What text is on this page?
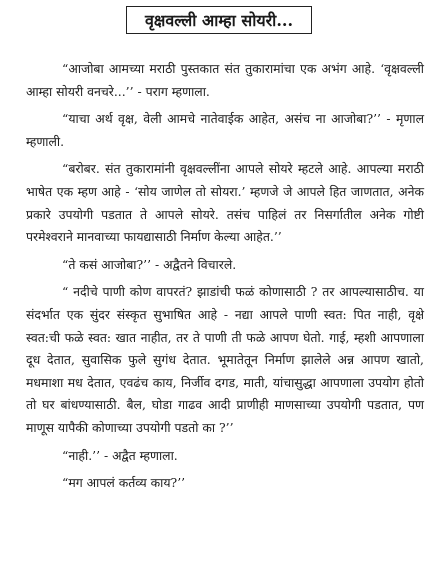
वृक्षवल्ली आम्हा सोयरी...

“आजोबा आमच्या मराठी पुस्तकात संत तुकारामांचा एक अभंग आहे. ‘वृक्षवल्ली आम्हा सोयरी वनचरे...’’ - पराग म्हणाला.

“याचा अर्थ वृक्ष, वेली आमचे नातेवाईक आहेत, असंच ना आजोबा?’’ - मृणाल म्हणाली.

“बरोबर. संत तुकारामांनी वृक्षवल्लींना आपले सोयरे म्हटले आहे. आपल्या मराठी भाषेत एक म्हण आहे - ‘सोय जाणेल तो सोयरा.’ म्हणजे जे आपले हित जाणतात, अनेक प्रकारे उपयोगी पडतात ते आपले सोयरे. तसंच पाहिलं तर निसर्गातील अनेक गोष्टी परमेश्वराने मानवाच्या फायद्यासाठी निर्माण केल्या आहेत.’’

“ते कसं आजोबा?’’ - अद्वैतने विचारले.

“ नदीचे पाणी कोण वापरतं? झाडांची फळं कोणासाठी ? तर आपल्यासाठीच. या संदर्भात एक सुंदर संस्कृत सुभाषित आहे - नद्या आपले पाणी स्वत: पित नाही, वृक्षे स्वत:ची फळे स्वत: खात नाहीत, तर ते पाणी ती फळे आपण घेतो. गाई, म्हशी आपणाला दूध देतात, सुवासिक फुले सुगंध देतात. भूमातेतून निर्माण झालेले अन्न आपण खातो, मधमाशा मध देतात, एवढंच काय, निर्जीव दगड, माती, यांचासुद्धा आपणाला उपयोग होतो तो घर बांधण्यासाठी. बैल, घोडा गाढव आदी प्राणीही माणसाच्या उपयोगी पडतात, पण माणूस यापैकी कोणाच्या उपयोगी पडतो का ?’’

“नाही.’’ - अद्वैत म्हणाला.

“मग आपलं कर्तव्य काय?’’
